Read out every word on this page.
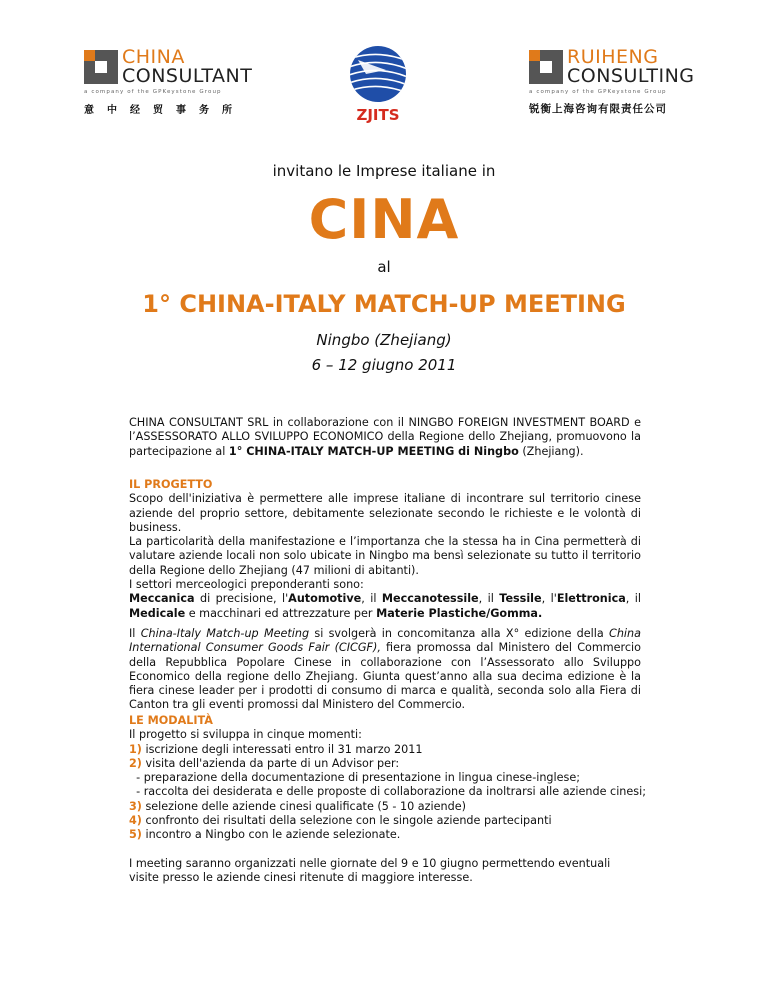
CHINA
CONSULTANT
a company of the GPKeystone Group
意中经贸事务所	ZJITS
RUIHENG
CONSULTING
a company of the GPKeystone Group
锐衡上海咨询有限责任公司
invitano le Imprese italiane in
CINA
al
1° CHINA-ITALY MATCH-UP MEETING
Ningbo (Zhejiang)
6 – 12 giugno 2011
CHINA CONSULTANT SRL in collaborazione con il NINGBO FOREIGN INVESTMENT BOARD e l’ASSESSORATO ALLO SVILUPPO ECONOMICO della Regione dello Zhejiang, promuovono la partecipazione al 1° CHINA-ITALY MATCH-UP MEETING di Ningbo (Zhejiang).

IL PROGETTO

Scopo dell'iniziativa è permettere alle imprese italiane di incontrare sul territorio cinese aziende del proprio settore, debitamente selezionate secondo le richieste e le volontà di business.

La particolarità della manifestazione e l’importanza che la stessa ha in Cina permetterà di valutare aziende locali non solo ubicate in Ningbo ma bensì selezionate su tutto il territorio della Regione dello Zhejiang (47 milioni di abitanti).

I settori merceologici preponderanti sono:

Meccanica di precisione, l'Automotive, il Meccanotessile, il Tessile, l'Elettronica, il Medicale e macchinari ed attrezzature per Materie Plastiche/Gomma.

Il China-Italy Match-up Meeting si svolgerà in concomitanza alla X° edizione della China International Consumer Goods Fair (CICGF), fiera promossa dal Ministero del Commercio della Repubblica Popolare Cinese in collaborazione con l’Assessorato allo Sviluppo Economico della regione dello Zhejiang. Giunta quest’anno alla sua decima edizione è la fiera cinese leader per i prodotti di consumo di marca e qualità, seconda solo alla Fiera di Canton tra gli eventi promossi dal Ministero del Commercio.

LE MODALITÀ

Il progetto si sviluppa in cinque momenti:

1) iscrizione degli interessati entro il 31 marzo 2011

2) visita dell'azienda da parte di un Advisor per:

- preparazione della documentazione di presentazione in lingua cinese-inglese;

- raccolta dei desiderata e delle proposte di collaborazione da inoltrarsi alle aziende cinesi;

3) selezione delle aziende cinesi qualificate (5 - 10 aziende)

4) confronto dei risultati della selezione con le singole aziende partecipanti

5) incontro a Ningbo con le aziende selezionate.

I meeting saranno organizzati nelle giornate del 9 e 10 giugno permettendo eventuali visite presso le aziende cinesi ritenute di maggiore interesse.
